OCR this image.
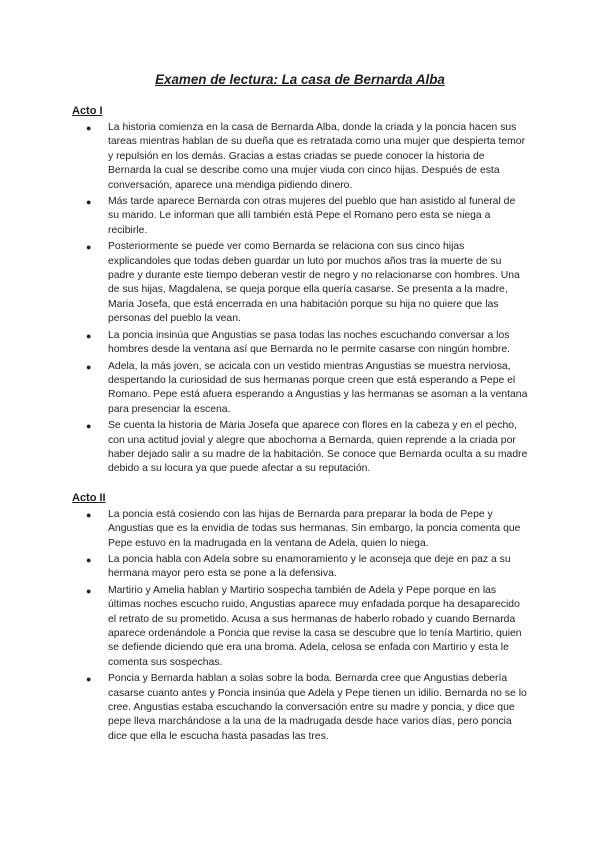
Examen de lectura: La casa de Bernarda Alba
Acto I
● La historia comienza en la casa de Bernarda Alba, donde la criada y la poncia hacen sus tareas mientras hablan de su dueña que es retratada como una mujer que despierta temor y repulsión en los demás. Gracias a estas criadas se puede conocer la historia de Bernarda la cual se describe como una mujer viuda con cinco hijas. Después de esta conversación, aparece una mendiga pidiendo dinero.
● Más tarde aparece Bernarda con otras mujeres del pueblo que han asistido al funeral de su marido. Le informan que allí también está Pepe el Romano pero esta se niega a recibirle.
● Posteriormente se puede ver como Bernarda se relaciona con sus cinco hijas explicandoles que todas deben guardar un luto por muchos años tras la muerte de su padre y durante este tiempo deberan vestir de negro y no relacionarse con hombres. Una de sus hijas, Magdalena, se queja porque ella quería casarse. Se presenta a la madre, Maria Josefa, que está encerrada en una habitación porque su hija no quiere que las personas del pueblo la vean.
● La poncia insinúa que Angustias se pasa todas las noches escuchando conversar a los hombres desde la ventana así que Bernarda no le permite casarse con ningún hombre.
● Adela, la más joven, se acicala con un vestido mientras Angustias se muestra nerviosa, despertando la curiosidad de sus hermanas porque creen que está esperando a Pepe el Romano. Pepe está afuera esperando a Angustias y las hermanas se asoman a la ventana para presenciar la escena.
● Se cuenta la historia de Maria Josefa que aparece con flores en la cabeza y en el pecho, con una actitud jovial y alegre que abochorna a Bernarda, quien reprende a la criada por haber dejado salir a su madre de la habitación. Se conoce que Bernarda oculta a su madre debido a su locura ya que puede afectar a su reputación.
Acto II
● La poncia está cosiendo con las hijas de Bernarda para preparar la boda de Pepe y Angustias que es la envidia de todas sus hermanas. Sin embargo, la poncia comenta que Pepe estuvo en la madrugada en la ventana de Adela, quien lo niega.
● La poncia habla con Adela sobre su enamoramiento y le aconseja que deje en paz a su hermana mayor pero esta se pone a la defensiva.
● Martirio y Amelia hablan y Martirio sospecha también de Adela y Pepe porque en las últimas noches escucho ruido, Angustias aparece muy enfadada porque ha desaparecido el retrato de su prometido. Acusa a sus hermanas de haberlo robado y cuando Bernarda aparece ordenándole a Poncia que revise la casa se descubre que lo tenía Martirio, quien se defiende diciendo que era una broma. Adela, celosa se enfada con Martirio y esta le comenta sus sospechas.
● Poncia y Bernarda hablan a solas sobre la boda. Bernarda cree que Angustias debería casarse cuanto antes y Poncia insinúa que Adela y Pepe tienen un idilio. Bernarda no se lo cree. Angustias estaba escuchando la conversación entre su madre y poncia, y dice que pepe lleva marchándose a la una de la madrugada desde hace varios días, pero poncia dice que ella le escucha hasta pasadas las tres.
